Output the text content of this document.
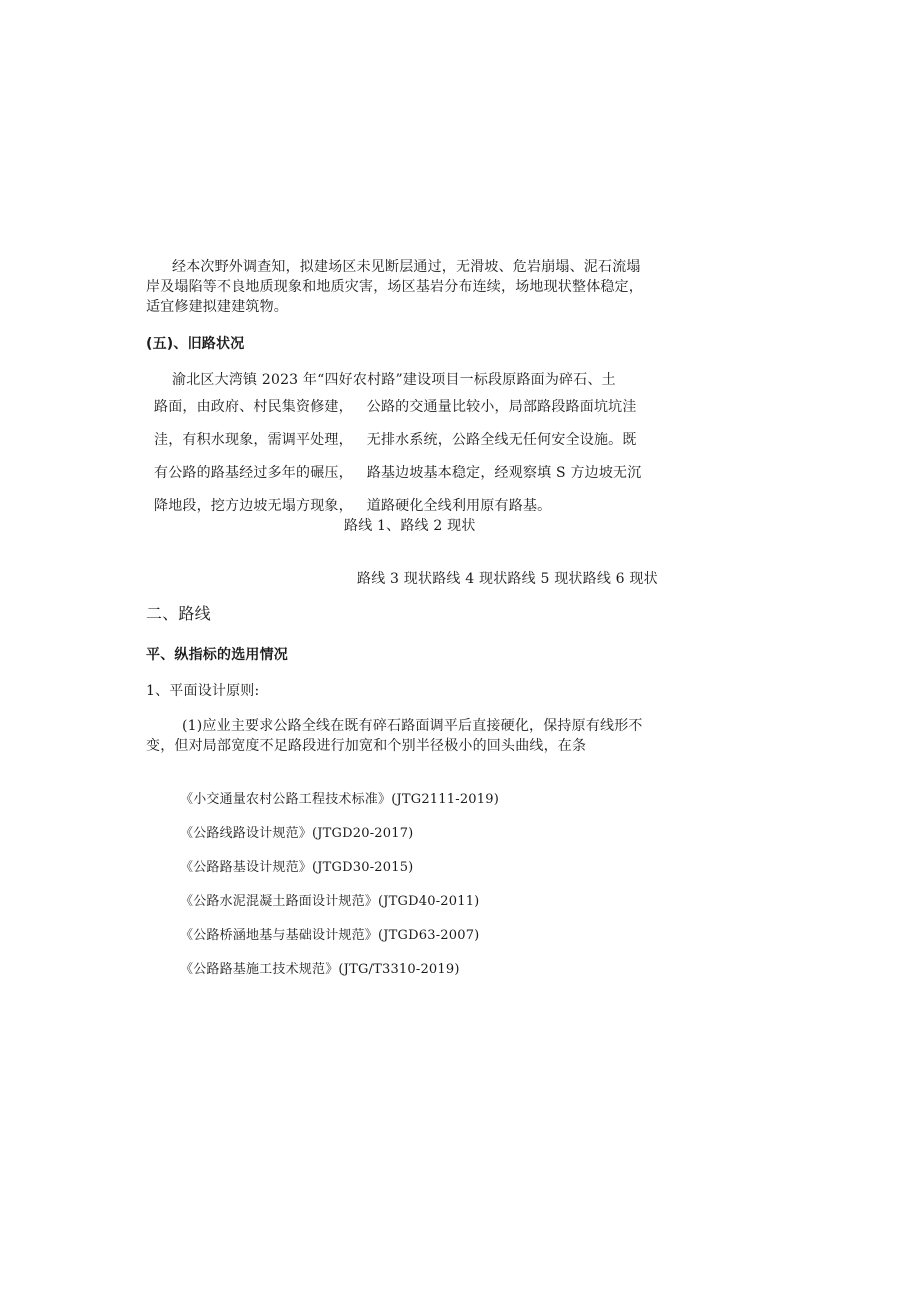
经本次野外调查知，拟建场区未见断层通过，无滑坡、危岩崩塌、泥石流塌
岸及塌陷等不良地质现象和地质灾害，场区基岩分布连续，场地现状整体稳定，
适宜修建拟建建筑物。
(五)、旧路状况
渝北区大湾镇 2023 年“四好农村路”建设项目一标段原路面为碎石、土
路面，由政府、村民集资修建，   公路的交通量比较小，局部路段路面坑坑洼
洼，有积水现象，需调平处理，   无排水系统，公路全线无任何安全设施。既
有公路的路基经过多年的碾压，   路基边坡基本稳定，经观察填 S 方边坡无沉
降地段，挖方边坡无塌方现象，   道路硬化全线利用原有路基。
路线 1、路线 2 现状
路线 3 现状路线 4 现状路线 5 现状路线 6 现状
二、路线
平、纵指标的选用情况
1、平面设计原则:
(1)应业主要求公路全线在既有碎石路面调平后直接硬化，保持原有线形不
变，但对局部宽度不足路段进行加宽和个别半径极小的回头曲线，在条
《小交通量农村公路工程技术标准》(JTG2111-2019)
《公路线路设计规范》(JTGD20-2017)
《公路路基设计规范》(JTGD30-2015)
《公路水泥混凝土路面设计规范》(JTGD40-2011)
《公路桥涵地基与基础设计规范》(JTGD63-2007)
《公路路基施工技术规范》(JTG/T3310-2019)
